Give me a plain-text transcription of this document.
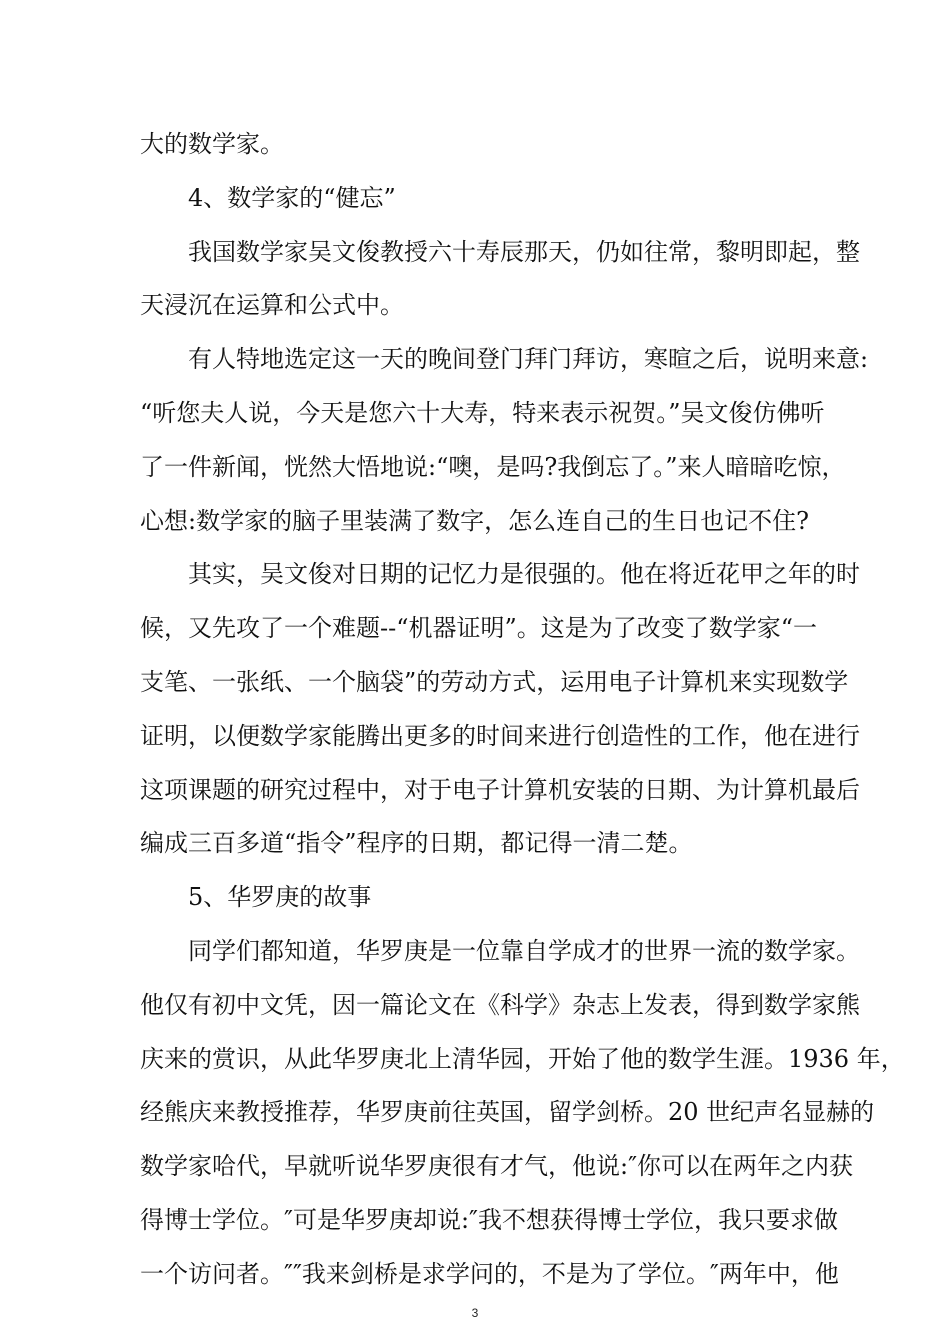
大的数学家。
4、数学家的“健忘”
我国数学家吴文俊教授六十寿辰那天，仍如往常，黎明即起，整
天浸沉在运算和公式中。
有人特地选定这一天的晚间登门拜门拜访，寒暄之后，说明来意:
“听您夫人说，今天是您六十大寿，特来表示祝贺。”吴文俊仿佛听
了一件新闻，恍然大悟地说:“噢，是吗?我倒忘了。”来人暗暗吃惊，
心想:数学家的脑子里装满了数字，怎么连自己的生日也记不住?
其实，吴文俊对日期的记忆力是很强的。他在将近花甲之年的时
候，又先攻了一个难题--“机器证明”。这是为了改变了数学家“一
支笔、一张纸、一个脑袋”的劳动方式，运用电子计算机来实现数学
证明，以便数学家能腾出更多的时间来进行创造性的工作，他在进行
这项课题的研究过程中，对于电子计算机安装的日期、为计算机最后
编成三百多道“指令”程序的日期，都记得一清二楚。
5、华罗庚的故事
同学们都知道，华罗庚是一位靠自学成才的世界一流的数学家。
他仅有初中文凭，因一篇论文在《科学》杂志上发表，得到数学家熊
庆来的赏识，从此华罗庚北上清华园，开始了他的数学生涯。1936 年，
经熊庆来教授推荐，华罗庚前往英国，留学剑桥。20 世纪声名显赫的
数学家哈代，早就听说华罗庚很有才气，他说:″你可以在两年之内获
得博士学位。″可是华罗庚却说:″我不想获得博士学位，我只要求做
一个访问者。″″我来剑桥是求学问的，不是为了学位。″两年中，他
3
